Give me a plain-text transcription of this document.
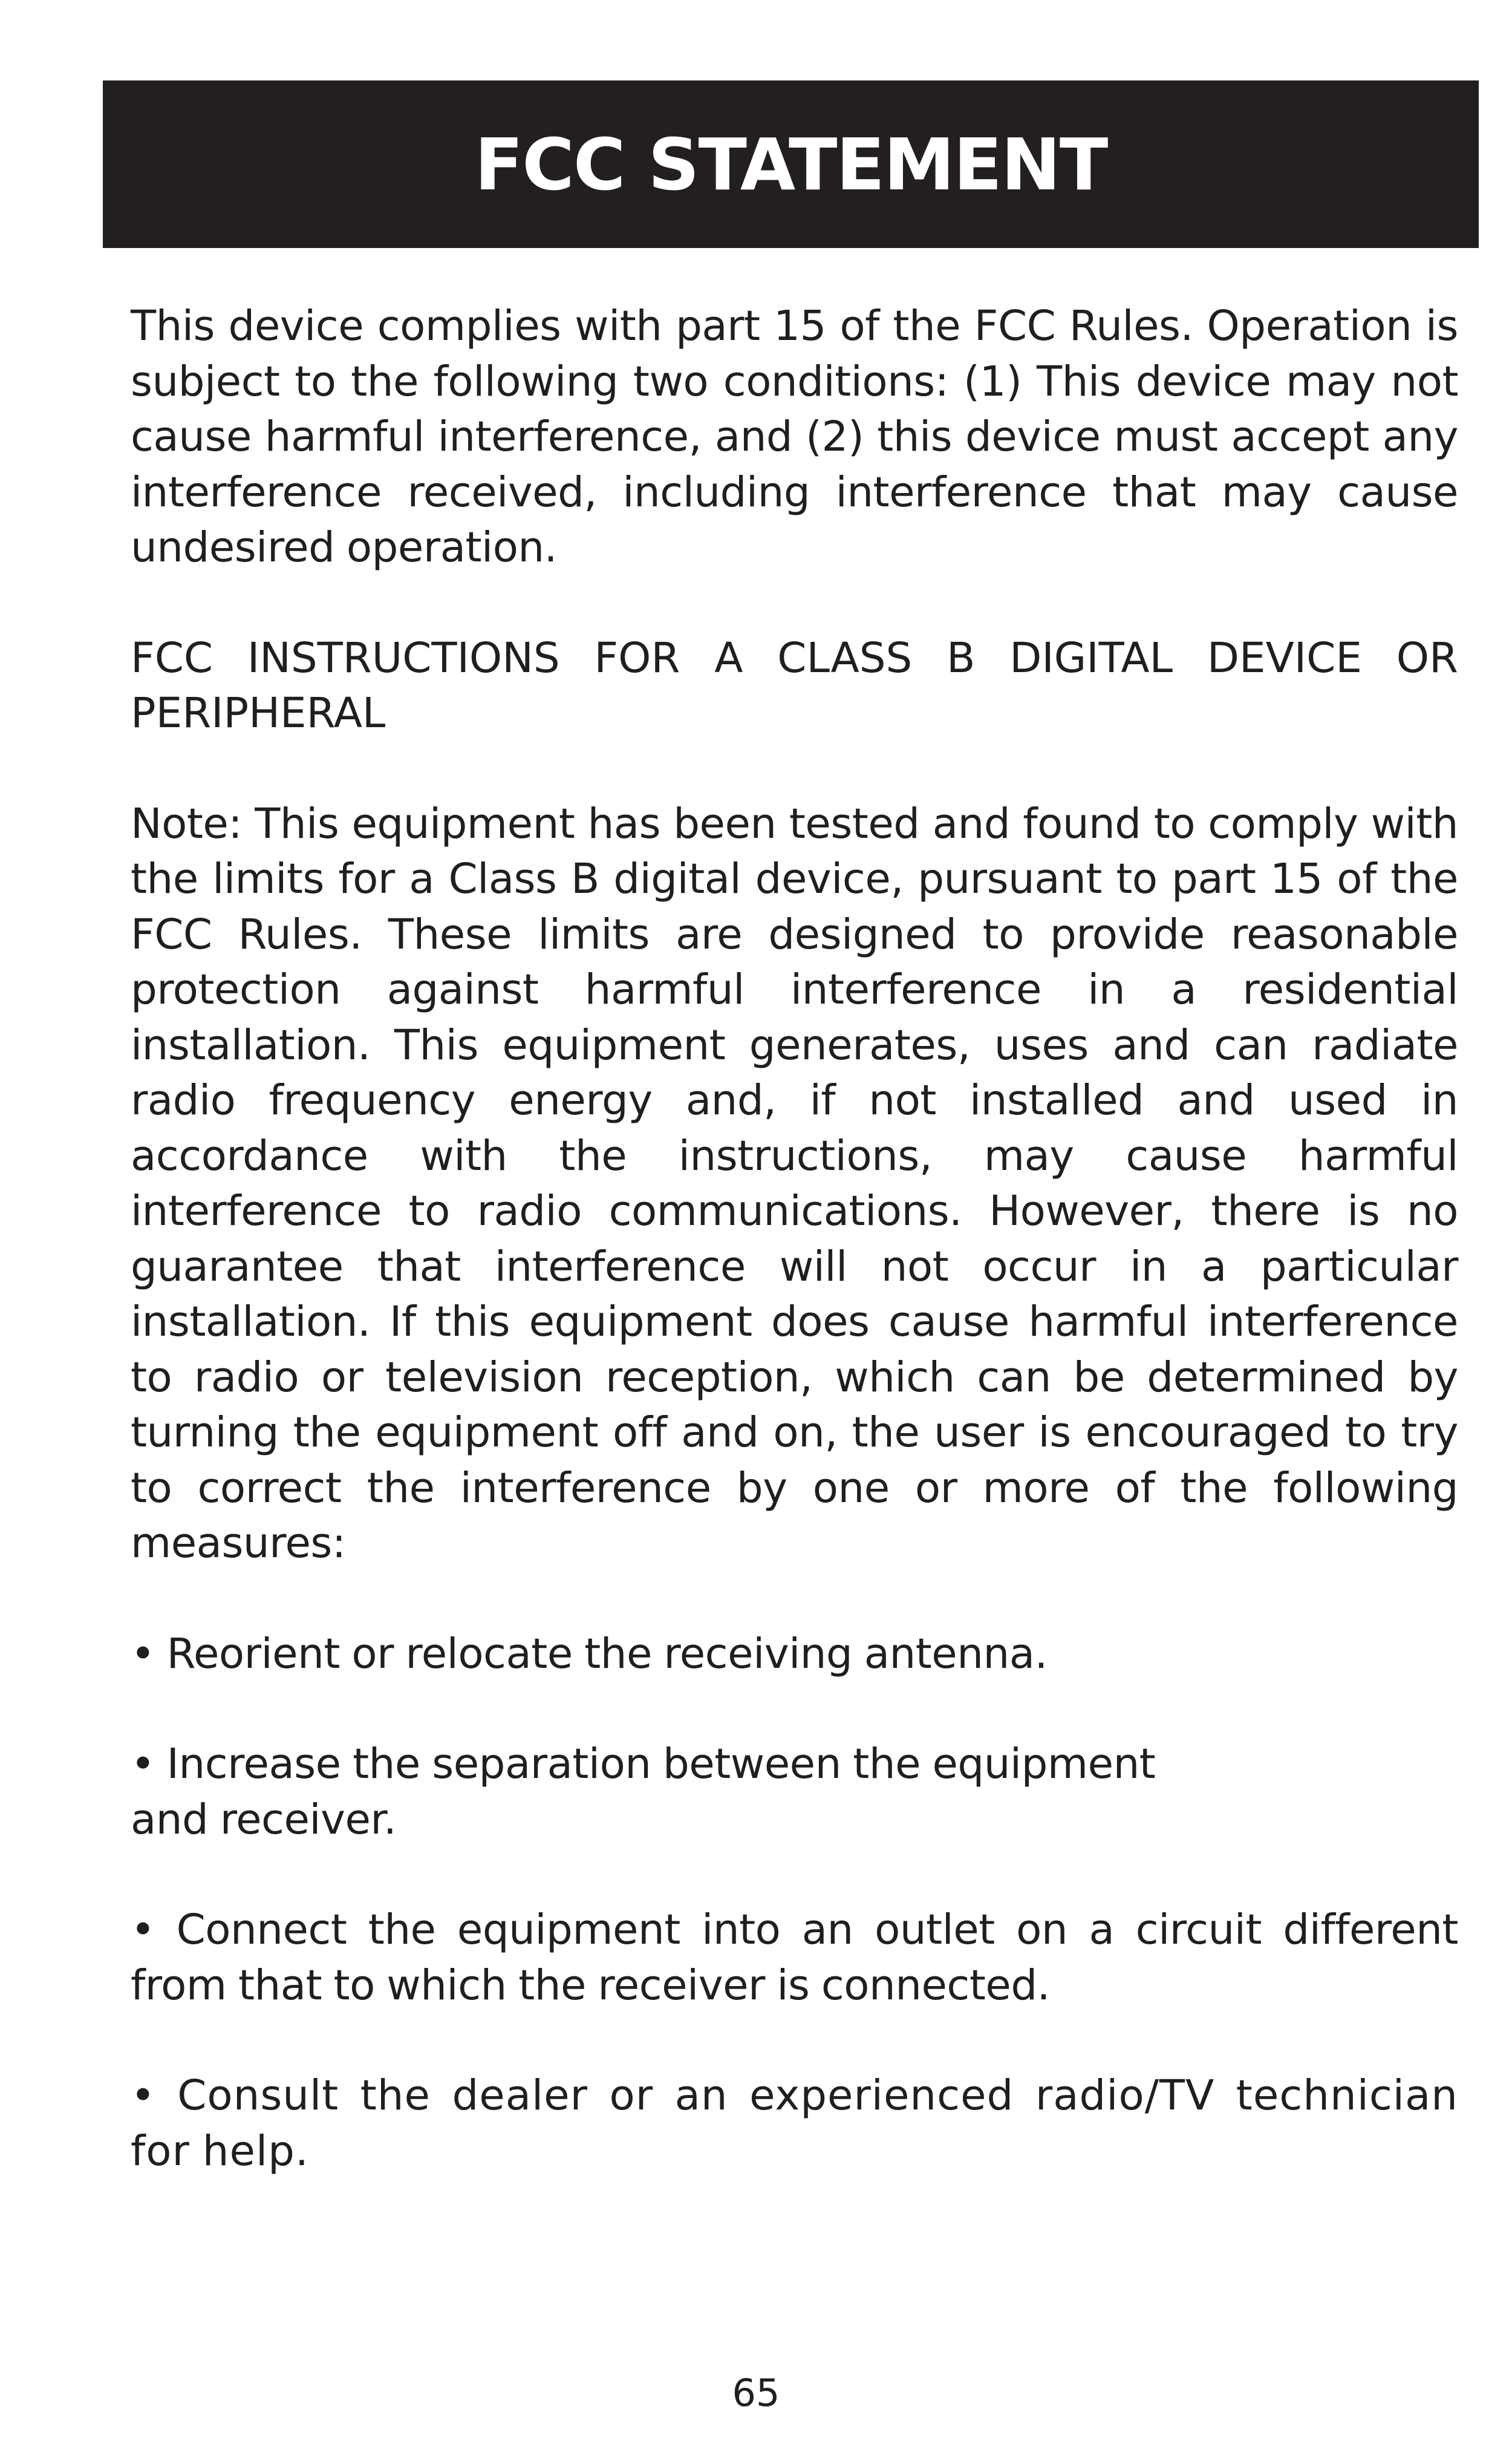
FCC STATEMENT

This device complies with part 15 of the FCC Rules. Operation is subject to the following two conditions: (1) This device may not cause harmful interference, and (2) this device must accept any interference received, including interference that may cause undesired operation.

FCC INSTRUCTIONS FOR A CLASS B DIGITAL DEVICE OR PERIPHERAL

Note: This equipment has been tested and found to comply with the limits for a Class B digital device, pursuant to part 15 of the FCC Rules. These limits are designed to provide reasonable protection against harmful interference in a residential installation. This equipment generates, uses and can radiate radio frequency energy and, if not installed and used in accordance with the instructions, may cause harmful interference to radio communications. However, there is no guarantee that interference will not occur in a particular installation. If this equipment does cause harmful interference to radio or television reception, which can be determined by turning the equipment off and on, the user is encouraged to try to correct the interference by one or more of the following measures:

• Reorient or relocate the receiving antenna.

• Increase the separation between the equipment and receiver.

• Connect the equipment into an outlet on a circuit different from that to which the receiver is connected.

• Consult the dealer or an experienced radio/TV technician for help.

65
